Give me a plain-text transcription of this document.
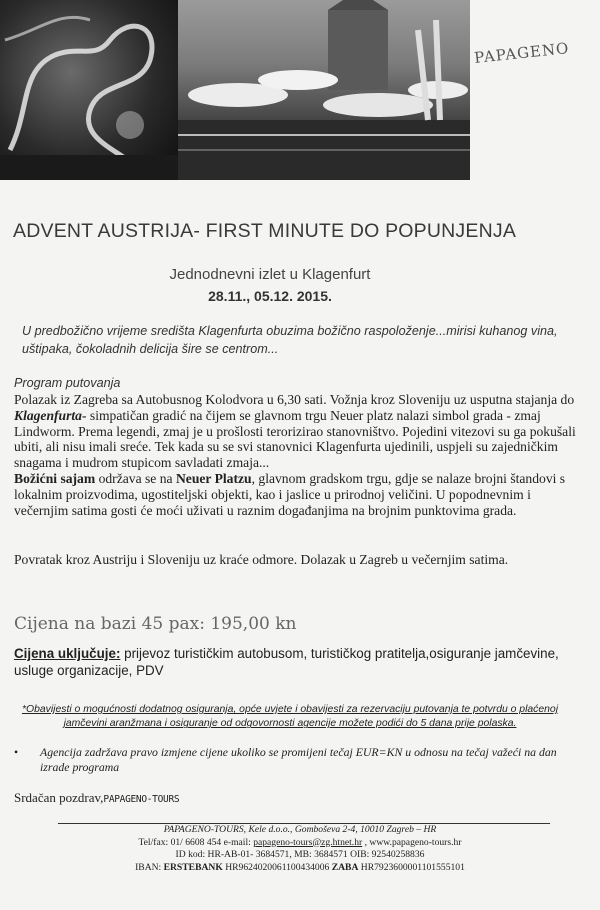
PAPAGENO
ADVENT AUSTRIJA- FIRST MINUTE DO POPUNJENJA
Jednodnevni izlet u Klagenfurt
28.11., 05.12. 2015.
U predbožično vrijeme središta Klagenfurta obuzima božično raspoloženje...mirisi kuhanog vina, uštipaka, čokoladnih delicija šire se centrom...
Program putovanja

Polazak iz Zagreba sa Autobusnog Kolodvora u 6,30 sati. Vožnja kroz Sloveniju uz usputna stajanja do Klagenfurta- simpatičan gradić na čijem se glavnom trgu Neuer platz nalazi simbol grada - zmaj Lindworm. Prema legendi, zmaj je u prošlosti terorizirao stanovništvo. Pojedini vitezovi su ga pokušali ubiti, ali nisu imali sreće. Tek kada su se svi stanovnici Klagenfurta ujedinili, uspjeli su zajedničkim snagama i mudrom stupicom savladati zmaja...

Božićni sajam održava se na Neuer Platzu, glavnom gradskom trgu, gdje se nalaze brojni štandovi s lokalnim proizvodima, ugostiteljski objekti, kao i jaslice u prirodnoj veličini. U popodnevnim i večernjim satima gosti će moći uživati u raznim događanjima na brojnim punktovima grada.

Povratak kroz Austriju i Sloveniju uz kraće odmore. Dolazak u Zagreb u večernjim satima.
Cijena na bazi 45 pax: 195,00 kn
Cijena uključuje: prijevoz turističkim autobusom, turističkog pratitelja,osiguranje jamčevine, usluge organizacije, PDV
*Obavijesti o mogućnosti dodatnog osiguranja, opće uvjete i obavijesti za rezervaciju putovanja te potvrdu o plaćenoj jamčevini aranžmana i osiguranje od odgovornosti agencije možete podići do 5 dana prije polaska.
• Agencija zadržava pravo izmjene cijene ukoliko se promijeni tečaj EUR=KN u odnosu na tečaj važeći na dan izrade programa
Srdačan pozdrav,PAPAGENO-TOURS
PAPAGENO-TOURS, Kele d.o.o., Gomboševa 2-4, 10010 Zagreb – HR
Tel/fax: 01/ 6608 454 e-mail: papageno-tours@zg.htnet.hr , www.papageno-tours.hr
ID kod: HR-AB-01- 3684571, MB: 3684571 OIB: 92540258836
IBAN: ERSTEBANK HR9624020061100434006 ZABA HR7923600001101555101
